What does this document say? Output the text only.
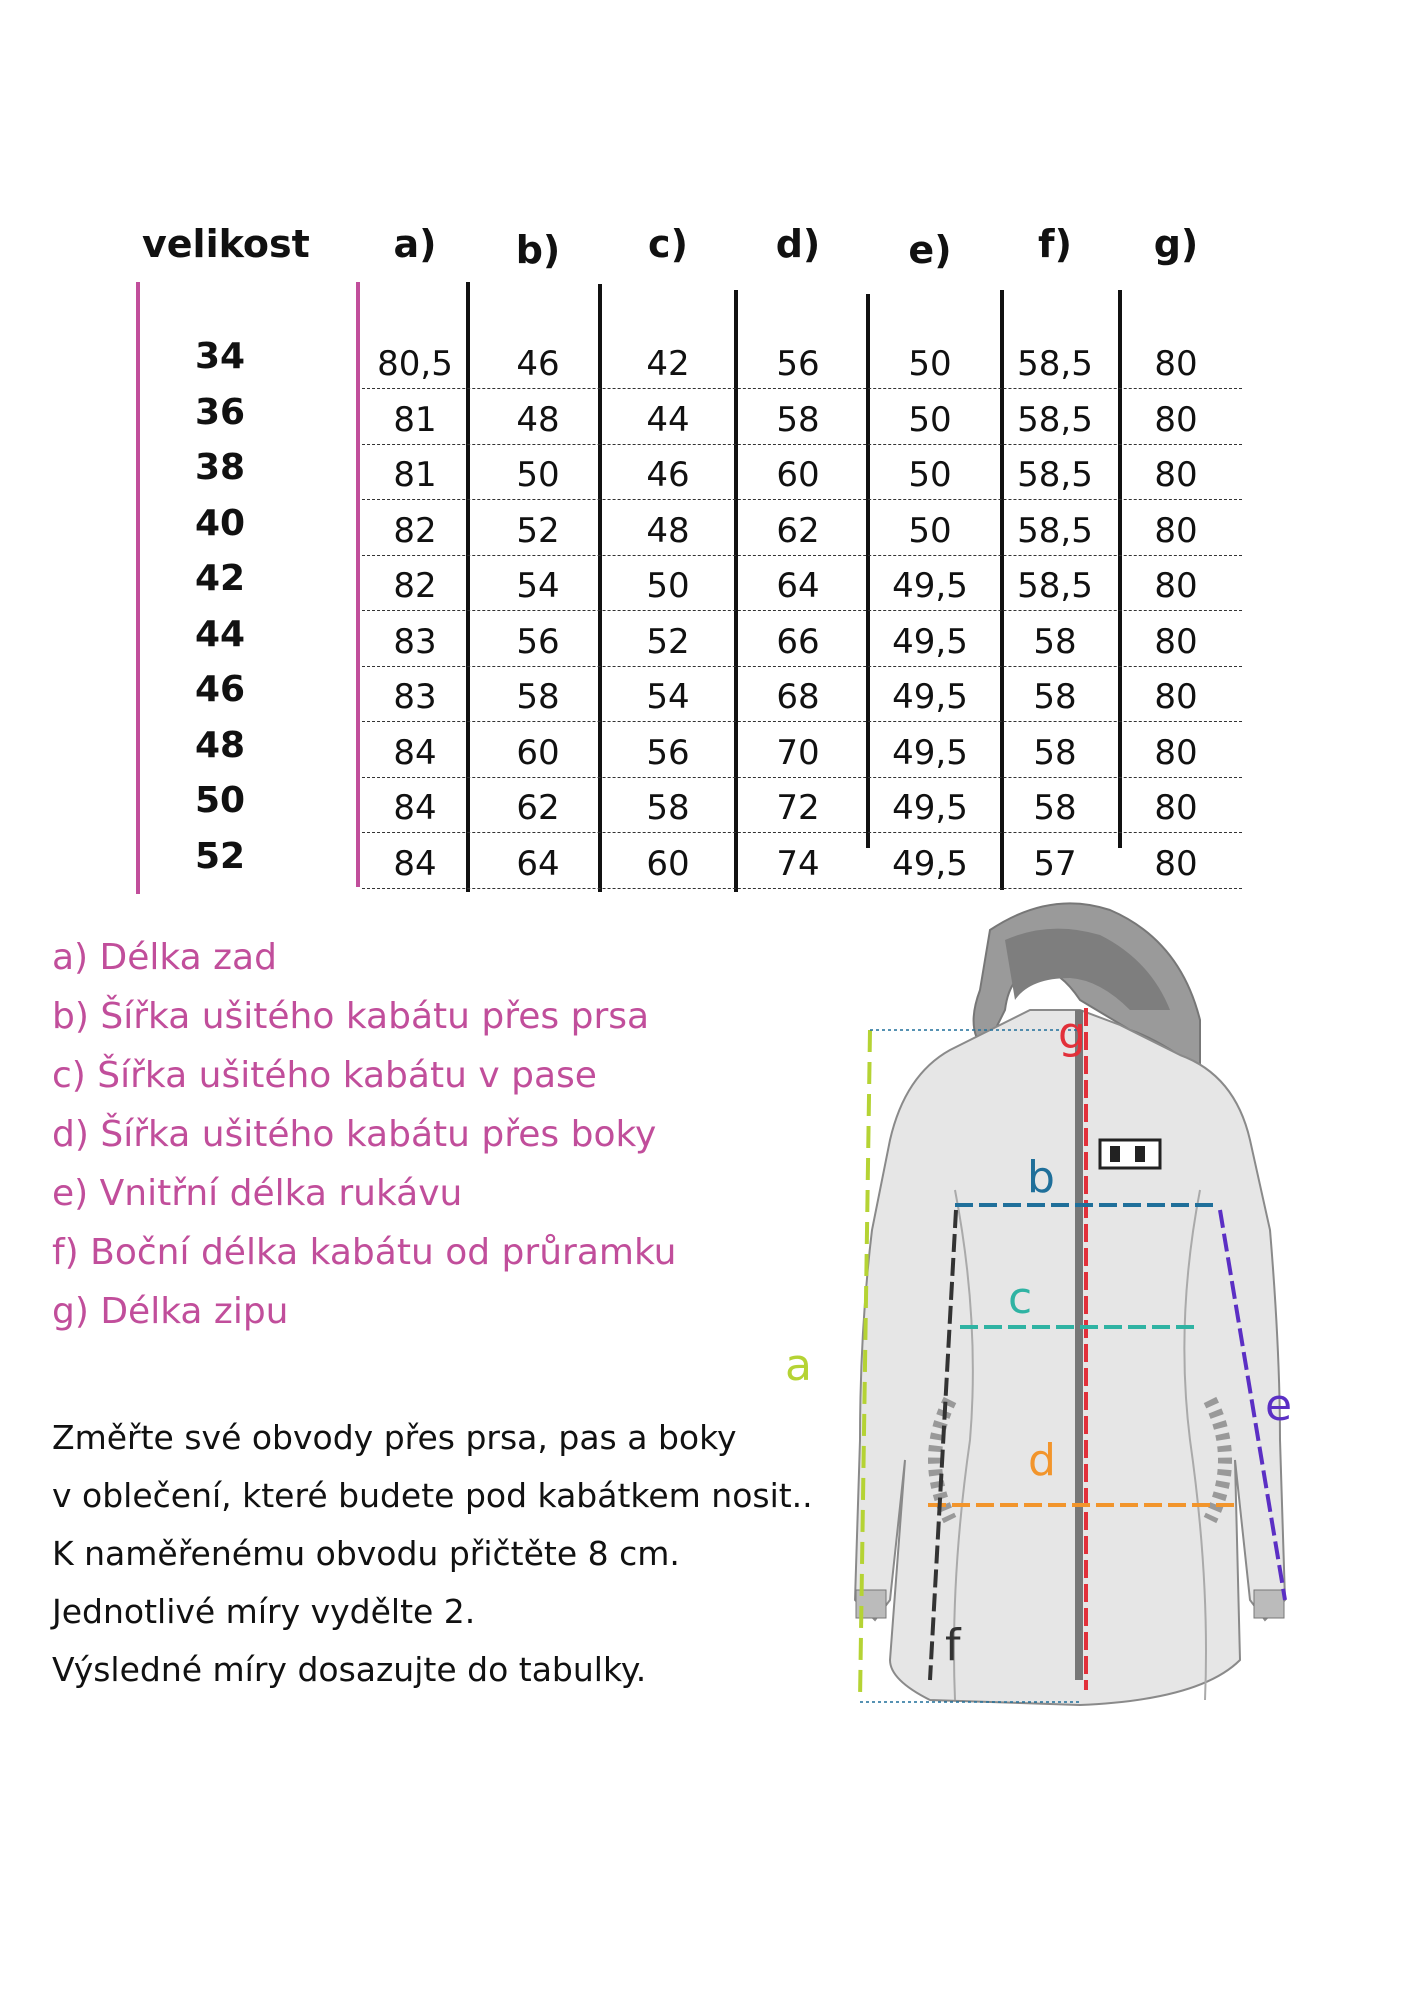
velikost a) b) c) d) e)	f)	g)
34	80,5	46	42	56	50	58,5	80
36	81	48	44	58	50	58,5	80
38	81	50	46	60	50	58,5	80
40	82	52	48	62	50	58,5	80
42	82	54	50	64	49,5 58,5	80
44	83	56	52	66	49,5	58	80
46	83	58	54	68	49,5	58	80
48	84	60	56	70	49,5	58	80
50	84	62	58	72	49,5	58	80
52	84	64	60	74	49,5	57	80
a) Délka zad
b) Šířka ušitého kabátu přes prsa
c) Šířka ušitého kabátu v pase
d) Šířka ušitého kabátu přes boky
e) Vnitřní délka rukávu
f) Boční délka kabátu od průramku
g) Délka zipu
Změřte své obvody přes prsa, pas a boky
v oblečení, které budete pod kabátkem nosit..
K naměřenému obvodu přičtěte 8 cm.
Jednotlivé míry vydělte 2.
Výsledné míry dosazujte do tabulky.
g
b
c
d
e
f
a
